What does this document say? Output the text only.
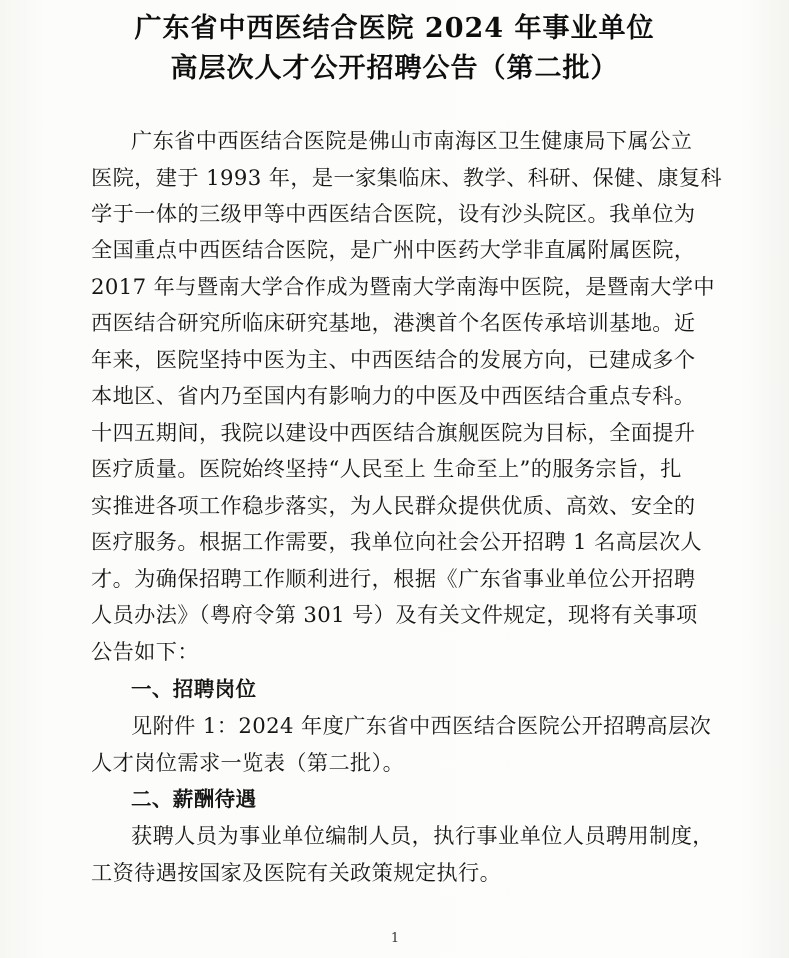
广东省中西医结合医院 2024 年事业单位
高层次人才公开招聘公告（第二批）
广东省中西医结合医院是佛山市南海区卫生健康局下属公立
医院，建于 1993 年，是一家集临床、教学、科研、保健、康复科
学于一体的三级甲等中西医结合医院，设有沙头院区。我单位为
全国重点中西医结合医院，是广州中医药大学非直属附属医院，
2017 年与暨南大学合作成为暨南大学南海中医院，是暨南大学中
西医结合研究所临床研究基地，港澳首个名医传承培训基地。近
年来，医院坚持中医为主、中西医结合的发展方向，已建成多个
本地区、省内乃至国内有影响力的中医及中西医结合重点专科。
十四五期间，我院以建设中西医结合旗舰医院为目标，全面提升
医疗质量。医院始终坚持“人民至上 生命至上”的服务宗旨，扎
实推进各项工作稳步落实，为人民群众提供优质、高效、安全的
医疗服务。根据工作需要，我单位向社会公开招聘 1 名高层次人
才。为确保招聘工作顺利进行，根据《广东省事业单位公开招聘
人员办法》（粤府令第 301 号）及有关文件规定，现将有关事项
公告如下：
一、招聘岗位
见附件 1：2024 年度广东省中西医结合医院公开招聘高层次
人才岗位需求一览表（第二批）。
二、薪酬待遇
获聘人员为事业单位编制人员，执行事业单位人员聘用制度，
工资待遇按国家及医院有关政策规定执行。
1
